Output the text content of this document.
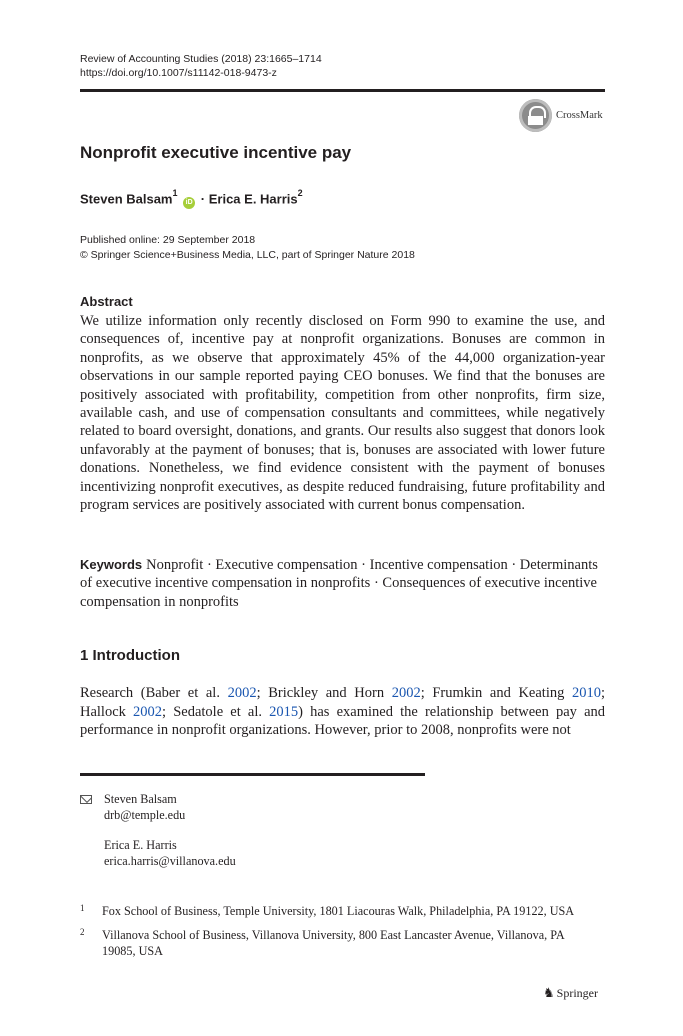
Review of Accounting Studies (2018) 23:1665–1714
https://doi.org/10.1007/s11142-018-9473-z
CrossMark
Nonprofit executive incentive pay
Steven Balsam$^1$ iD · Erica E. Harris$^2$
Published online: 29 September 2018
© Springer Science+Business Media, LLC, part of Springer Nature 2018
Abstract
We utilize information only recently disclosed on Form 990 to examine the use, and consequences of, incentive pay at nonprofit organizations. Bonuses are common in nonprofits, as we observe that approximately 45% of the 44,000 organization-year observations in our sample reported paying CEO bonuses. We find that the bonuses are positively associated with profitability, competition from other nonprofits, firm size, available cash, and use of compensation consultants and committees, while negatively related to board oversight, donations, and grants. Our results also suggest that donors look unfavorably at the payment of bonuses; that is, bonuses are associated with lower future donations. Nonetheless, we find evidence consistent with the payment of bonuses incentivizing nonprofit executives, as despite reduced fundraising, future profitability and program services are positively associated with current bonus compensation.
Keywords Nonprofit · Executive compensation · Incentive compensation · Determinants of executive incentive compensation in nonprofits · Consequences of executive incentive compensation in nonprofits
1 Introduction
Research (Baber et al. 2002; Brickley and Horn 2002; Frumkin and Keating 2010; Hallock 2002; Sedatole et al. 2015) has examined the relationship between pay and performance in nonprofit organizations. However, prior to 2008, nonprofits were not
Steven Balsam
drb@temple.edu
Erica E. Harris
erica.harris@villanova.edu
1 Fox School of Business, Temple University, 1801 Liacouras Walk, Philadelphia, PA 19122, USA
2 Villanova School of Business, Villanova University, 800 East Lancaster Avenue, Villanova, PA 19085, USA
♞ Springer
